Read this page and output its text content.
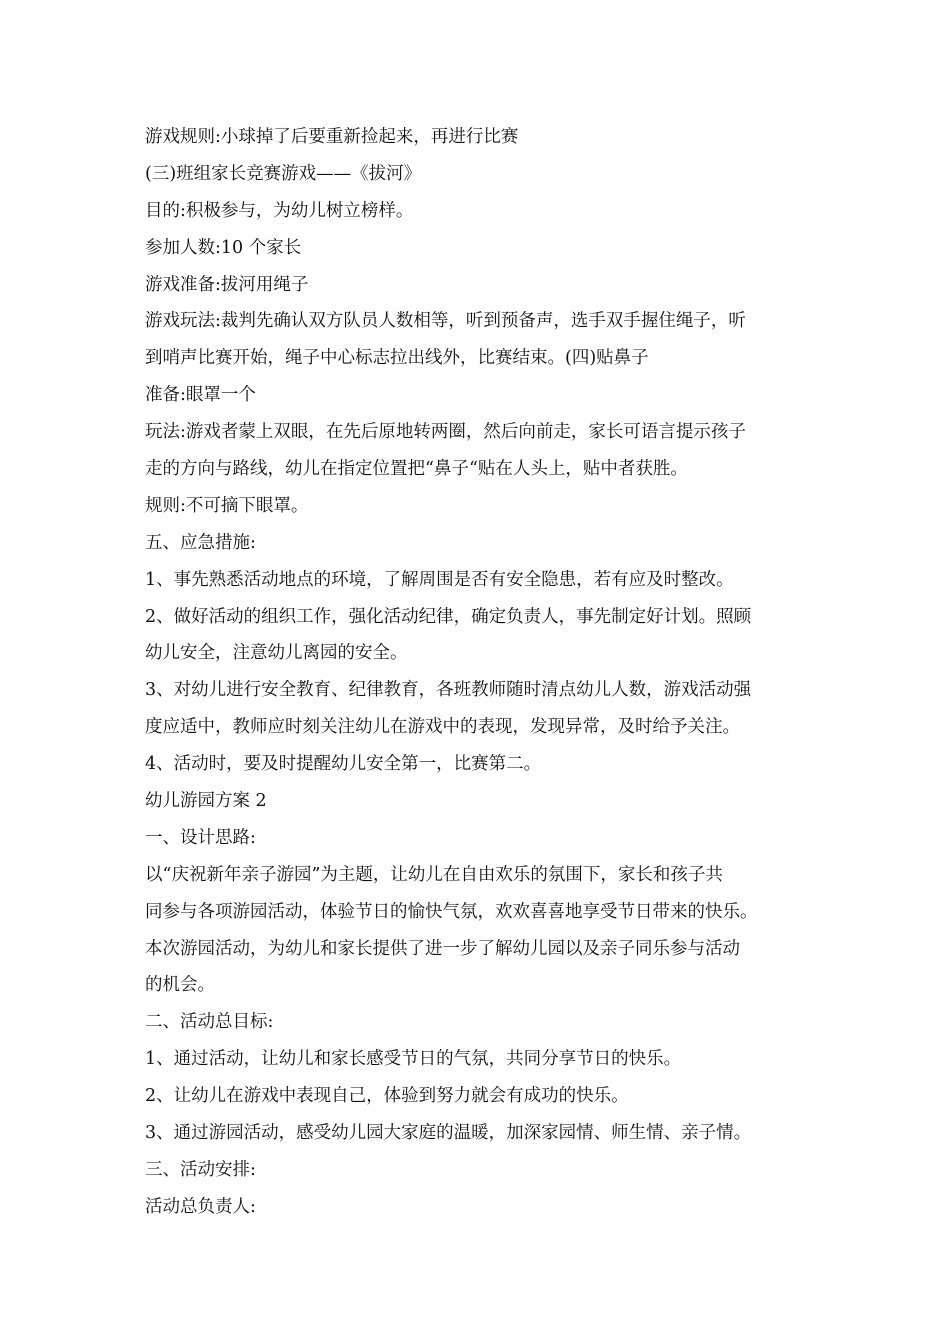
游戏规则:小球掉了后要重新捡起来，再进行比赛

(三)班组家长竞赛游戏——《拔河》

目的:积极参与，为幼儿树立榜样。

参加人数:10 个家长

游戏准备:拔河用绳子

游戏玩法:裁判先确认双方队员人数相等，听到预备声，选手双手握住绳子，听

到哨声比赛开始，绳子中心标志拉出线外，比赛结束。(四)贴鼻子

准备:眼罩一个

玩法:游戏者蒙上双眼，在先后原地转两圈，然后向前走，家长可语言提示孩子

走的方向与路线，幼儿在指定位置把“鼻子“贴在人头上，贴中者获胜。

规则:不可摘下眼罩。

五、应急措施:

1、事先熟悉活动地点的环境，了解周围是否有安全隐患，若有应及时整改。

2、做好活动的组织工作，强化活动纪律，确定负责人，事先制定好计划。照顾

幼儿安全，注意幼儿离园的安全。

3、对幼儿进行安全教育、纪律教育，各班教师随时清点幼儿人数，游戏活动强

度应适中，教师应时刻关注幼儿在游戏中的表现，发现异常，及时给予关注。

4、活动时，要及时提醒幼儿安全第一，比赛第二。

幼儿游园方案 2

一、设计思路:

以“庆祝新年亲子游园”为主题，让幼儿在自由欢乐的氛围下，家长和孩子共

同参与各项游园活动，体验节日的愉快气氛，欢欢喜喜地享受节日带来的快乐。

本次游园活动，为幼儿和家长提供了进一步了解幼儿园以及亲子同乐参与活动

的机会。

二、活动总目标:

1、通过活动，让幼儿和家长感受节日的气氛，共同分享节日的快乐。

2、让幼儿在游戏中表现自己，体验到努力就会有成功的快乐。

3、通过游园活动，感受幼儿园大家庭的温暖，加深家园情、师生情、亲子情。

三、活动安排:

活动总负责人:
